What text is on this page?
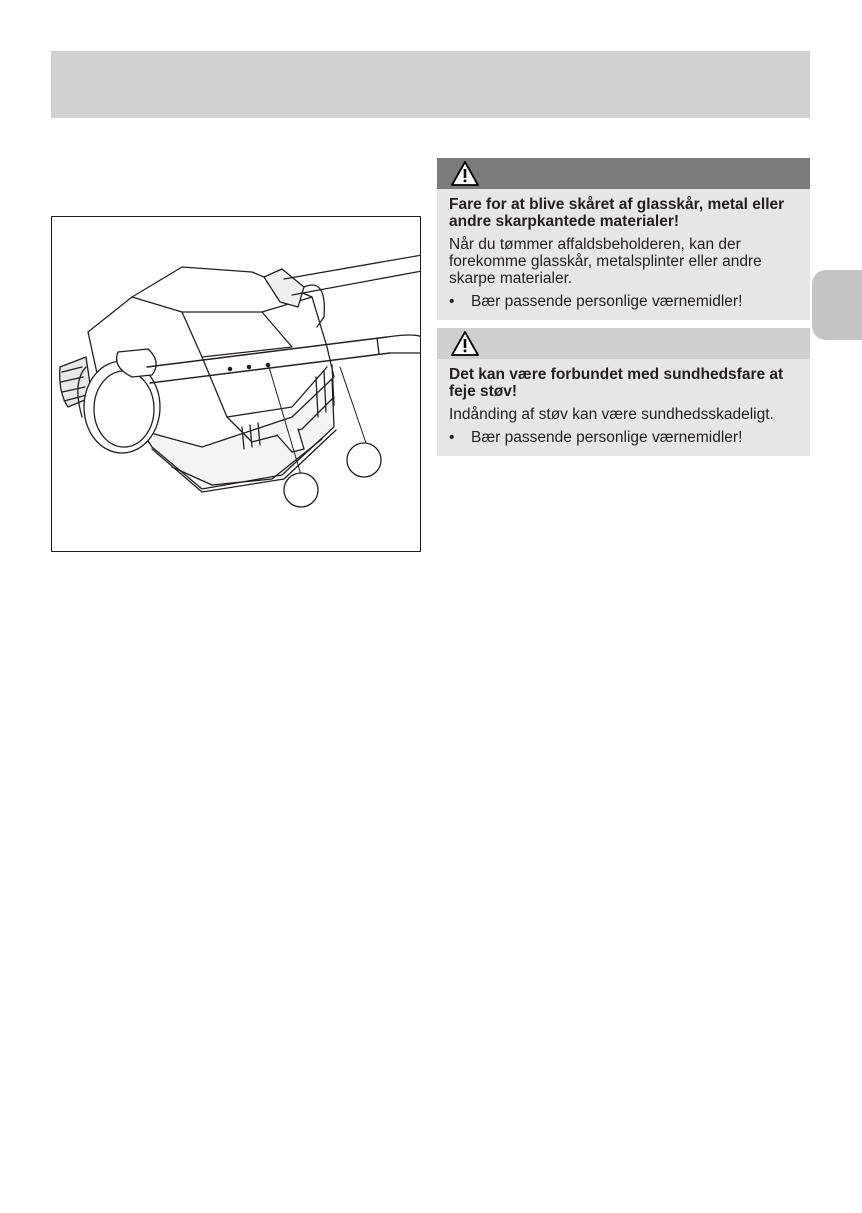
Fare for at blive skåret af glasskår, metal eller andre skarpkantede materialer!

Når du tømmer affaldsbeholderen, kan der forekomme glasskår, metalsplinter eller andre skarpe materialer.

• Bær passende personlige værnemidler!

Det kan være forbundet med sundhedsfare at feje støv!

Indånding af støv kan være sundhedsskadeligt.

• Bær passende personlige værnemidler!
